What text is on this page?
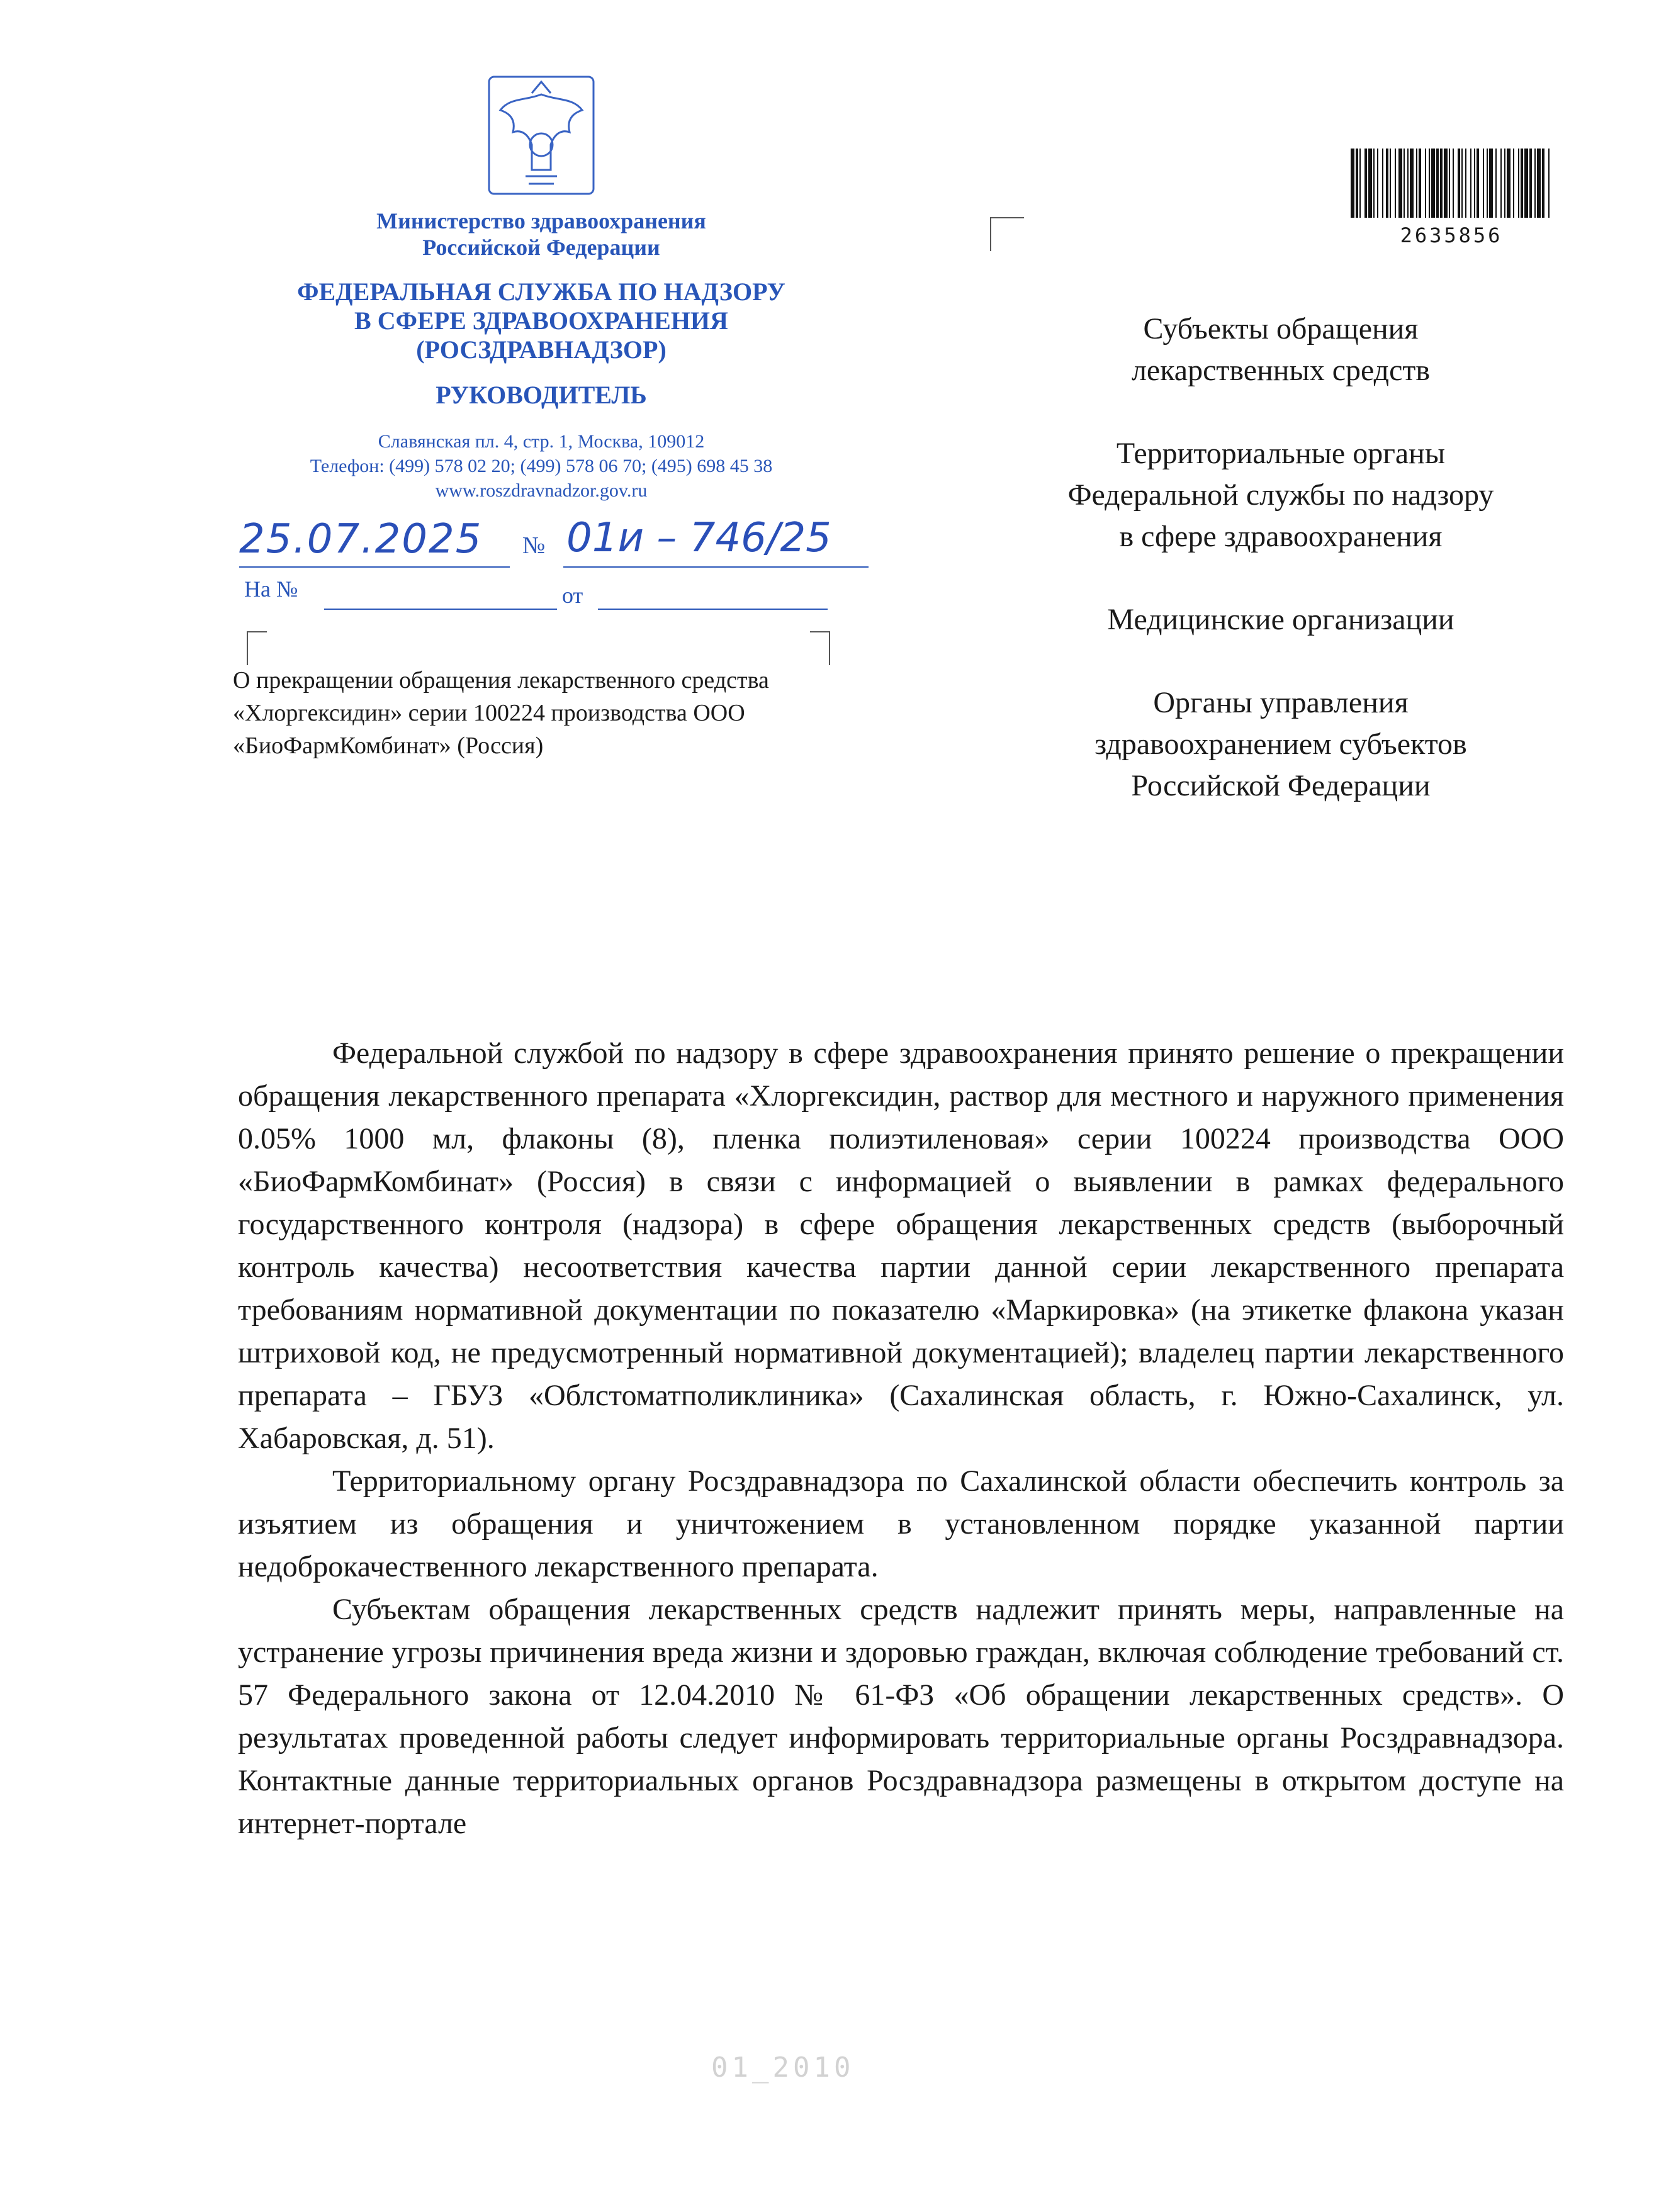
Министерство здравоохранения
Российской Федерации
ФЕДЕРАЛЬНАЯ СЛУЖБА ПО НАДЗОРУ
В СФЕРЕ ЗДРАВООХРАНЕНИЯ
(РОСЗДРАВНАДЗОР)
РУКОВОДИТЕЛЬ
Славянская пл. 4, стр. 1, Москва, 109012
Телефон: (499) 578 02 20; (499) 578 06 70; (495) 698 45 38
www.roszdravnadzor.gov.ru
25.07.2025 № 01и – 746/25
На №	от
О прекращении обращения лекарственного средства «Хлоргексидин» серии 100224 производства ООО «БиоФармКомбинат» (Россия)
2635856
Субъекты обращения
лекарственных средств
Территориальные органы
Федеральной службы по надзору
в сфере здравоохранения
Медицинские организации
Органы управления
здравоохранением субъектов
Российской Федерации

Федеральной службой по надзору в сфере здравоохранения принято решение о прекращении обращения лекарственного препарата «Хлоргексидин, раствор для местного и наружного применения 0.05% 1000 мл, флаконы (8), пленка полиэтиленовая» серии 100224 производства ООО «БиоФармКомбинат» (Россия) в связи с информацией о выявлении в рамках федерального государственного контроля (надзора) в сфере обращения лекарственных средств (выборочный контроль качества) несоответствия качества партии данной серии лекарственного препарата требованиям нормативной документации по показателю «Маркировка» (на этикетке флакона указан штриховой код, не предусмотренный нормативной документацией); владелец партии лекарственного препарата – ГБУЗ «Облстоматполиклиника» (Сахалинская область, г. Южно-Сахалинск, ул. Хабаровская, д. 51).

Территориальному органу Росздравнадзора по Сахалинской области обеспечить контроль за изъятием из обращения и уничтожением в установленном порядке указанной партии недоброкачественного лекарственного препарата.

Субъектам обращения лекарственных средств надлежит принять меры, направленные на устранение угрозы причинения вреда жизни и здоровью граждан, включая соблюдение требований ст. 57 Федерального закона от 12.04.2010 № 61-ФЗ «Об обращении лекарственных средств». О результатах проведенной работы следует информировать территориальные органы Росздравнадзора. Контактные данные территориальных органов Росздравнадзора размещены в открытом доступе на интернет-портале

01_2010
